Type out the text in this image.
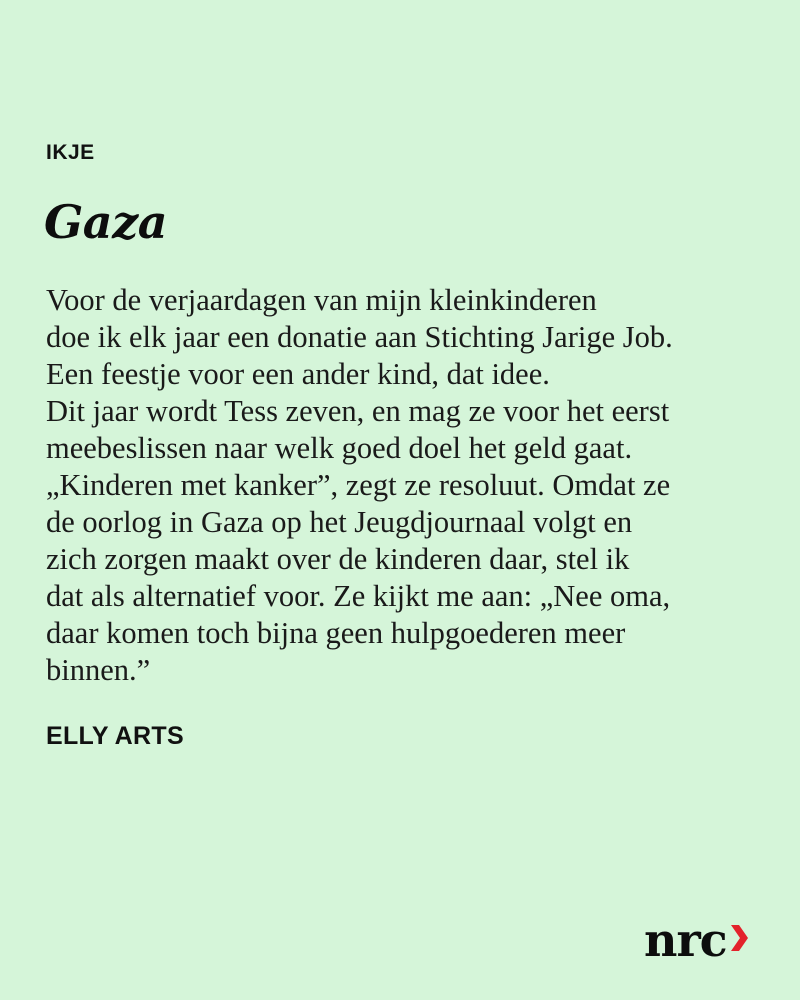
IKJE
Gaza
Voor de verjaardagen van mijn kleinkinderen
doe ik elk jaar een donatie aan Stichting Jarige Job.
Een feestje voor een ander kind, dat idee.
Dit jaar wordt Tess zeven, en mag ze voor het eerst
meebeslissen naar welk goed doel het geld gaat.
„Kinderen met kanker”, zegt ze resoluut. Omdat ze
de oorlog in Gaza op het Jeugdjournaal volgt en
zich zorgen maakt over de kinderen daar, stel ik
dat als alternatief voor. Ze kijkt me aan: „Nee oma,
daar komen toch bijna geen hulpgoederen meer
binnen.”
ELLY ARTS
nrc
